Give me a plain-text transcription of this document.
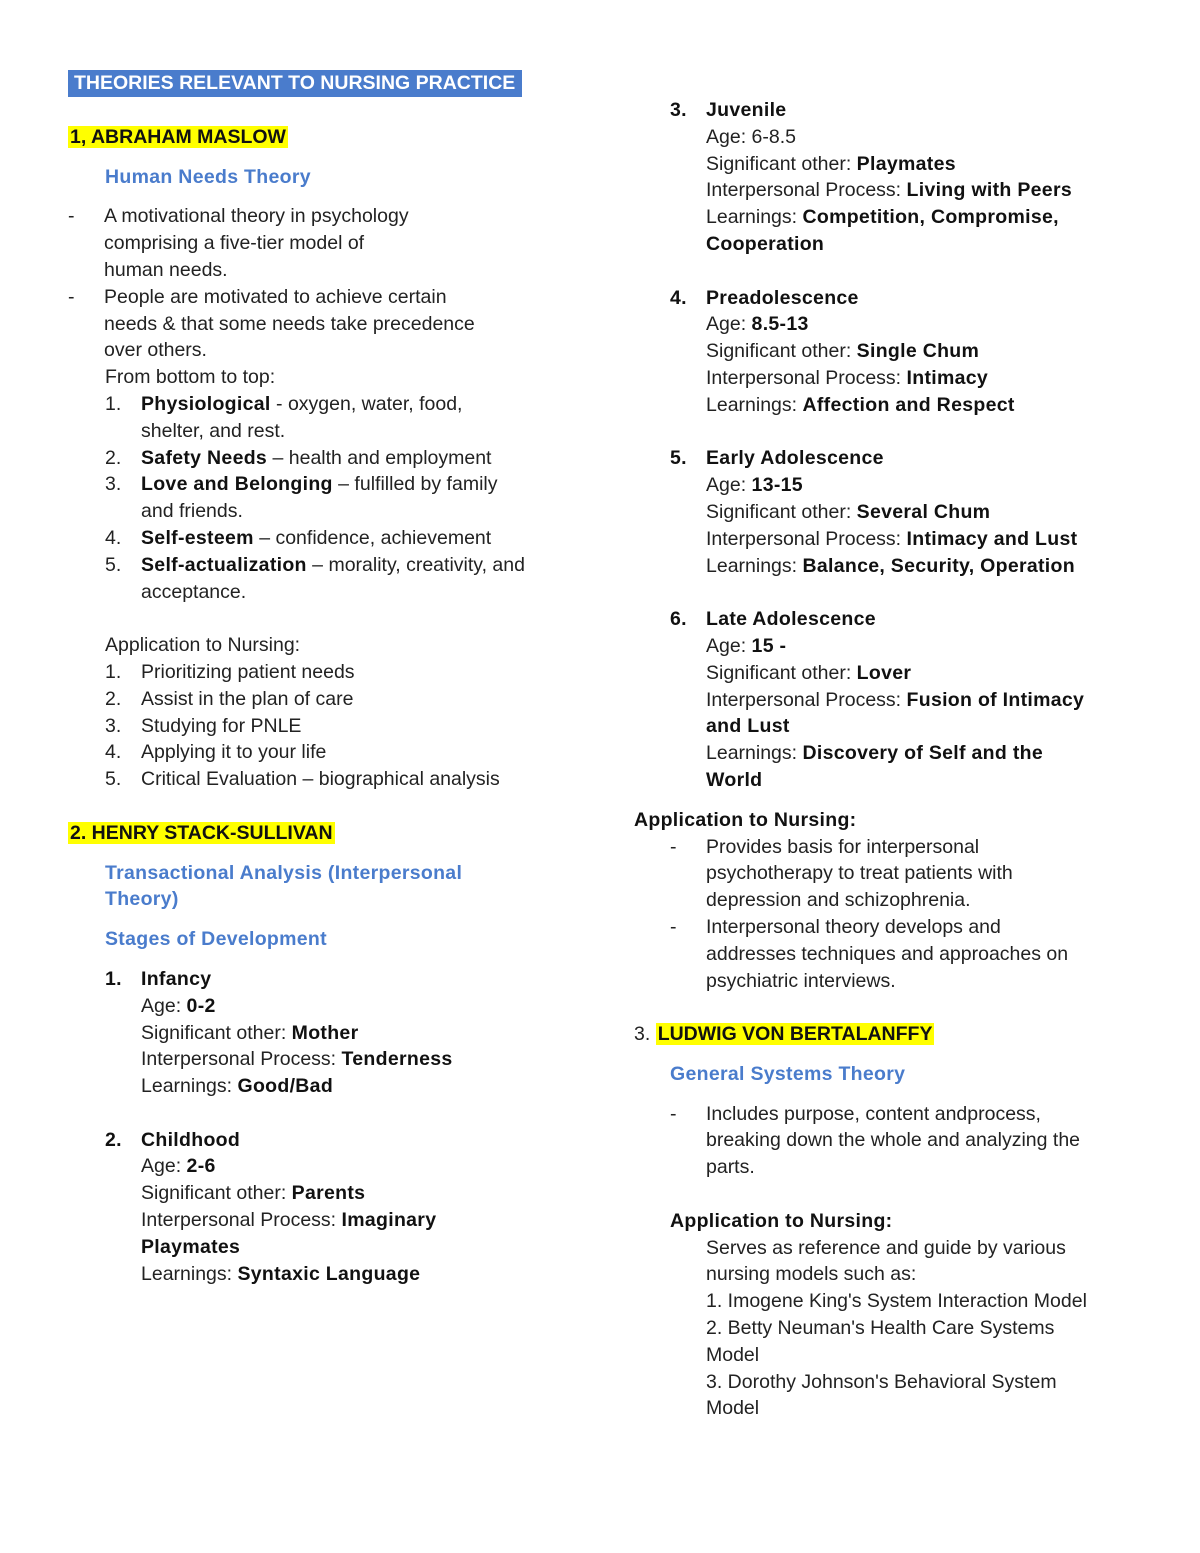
THEORIES RELEVANT TO NURSING PRACTICE
1, ABRAHAM MASLOW
Human Needs Theory
- A motivational theory in psychology
comprising a five-tier model of
human needs.
- People are motivated to achieve certain
needs & that some needs take precedence
over others.
From bottom to top:
1. Physiological - oxygen, water, food,
shelter, and rest.
2. Safety Needs – health and employment
3. Love and Belonging – fulfilled by family
and friends.
4. Self-esteem – confidence, achievement
5. Self-actualization – morality, creativity, and
acceptance.
Application to Nursing:
1. Prioritizing patient needs
2. Assist in the plan of care
3. Studying for PNLE
4. Applying it to your life
5. Critical Evaluation – biographical analysis
2. HENRY STACK-SULLIVAN
Transactional Analysis (Interpersonal
Theory)
Stages of Development
1. Infancy
Age: 0-2
Significant other: Mother
Interpersonal Process: Tenderness
Learnings: Good/Bad
2. Childhood
Age: 2-6
Significant other: Parents
Interpersonal Process: Imaginary
Playmates
Learnings: Syntaxic Language
3. Juvenile
Age: 6-8.5
Significant other: Playmates
Interpersonal Process: Living with Peers
Learnings: Competition, Compromise,
Cooperation
4. Preadolescence
Age: 8.5-13
Significant other: Single Chum
Interpersonal Process: Intimacy
Learnings: Affection and Respect
5. Early Adolescence
Age: 13-15
Significant other: Several Chum
Interpersonal Process: Intimacy and Lust
Learnings: Balance, Security, Operation
6. Late Adolescence
Age: 15 -
Significant other: Lover
Interpersonal Process: Fusion of Intimacy
and Lust
Learnings: Discovery of Self and the
World
Application to Nursing:
- Provides basis for interpersonal
psychotherapy to treat patients with
depression and schizophrenia.
- Interpersonal theory develops and
addresses techniques and approaches on
psychiatric interviews.
3. LUDWIG VON BERTALANFFY
General Systems Theory
- Includes purpose, content andprocess,
breaking down the whole and analyzing the
parts.
Application to Nursing:
Serves as reference and guide by various
nursing models such as:
1. Imogene King's System Interaction Model
2. Betty Neuman's Health Care Systems
Model
3. Dorothy Johnson's Behavioral System
Model
